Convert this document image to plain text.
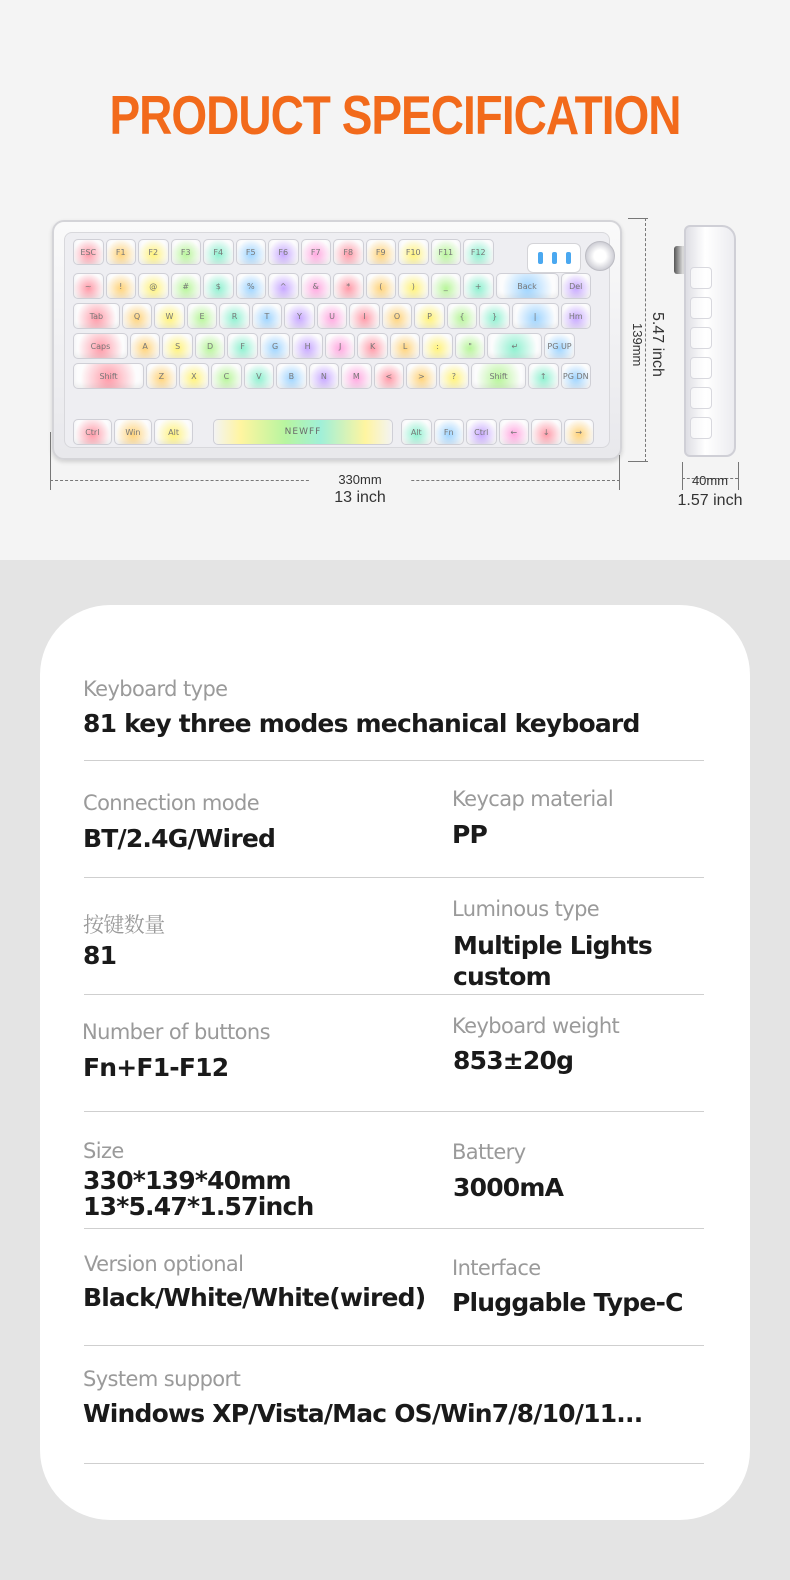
PRODUCT SPECIFICATION
NEWFF
ESC	F1	F2	F3	F4	F5	F6	F7	F8	F9	F10	F11	F12
~	!	@	#	$	%	^	&	*	(	)	_	+	Back	Del
Tab	Q	W	E	R	T	Y	U	I	O	P	{	}	|	Hm
Caps	A	S	D	F	G	H	J	K	L	:	"	↵	PG UP
Shift	Z	X	C	V	B	N	M	<	>	?	Shift	↑	PG DN
Ctrl	Win	Alt	Alt	Fn	Ctrl	←	↓	→
330mm
13 inch
5.47 inch
139mm
40mm
1.57 inch
Keyboard type
81 key three modes mechanical keyboard
Connection mode
BT/2.4G/Wired
Keycap material
PP
按键数量
81
Luminous type
Multiple Lights
custom
Number of buttons
Fn+F1-F12
Keyboard weight
853±20g
Size
330*139*40mm
13*5.47*1.57inch
Battery
3000mA
Version optional
Black/White/White(wired)
Interface
Pluggable Type-C
System support
Windows XP/Vista/Mac OS/Win7/8/10/11...
